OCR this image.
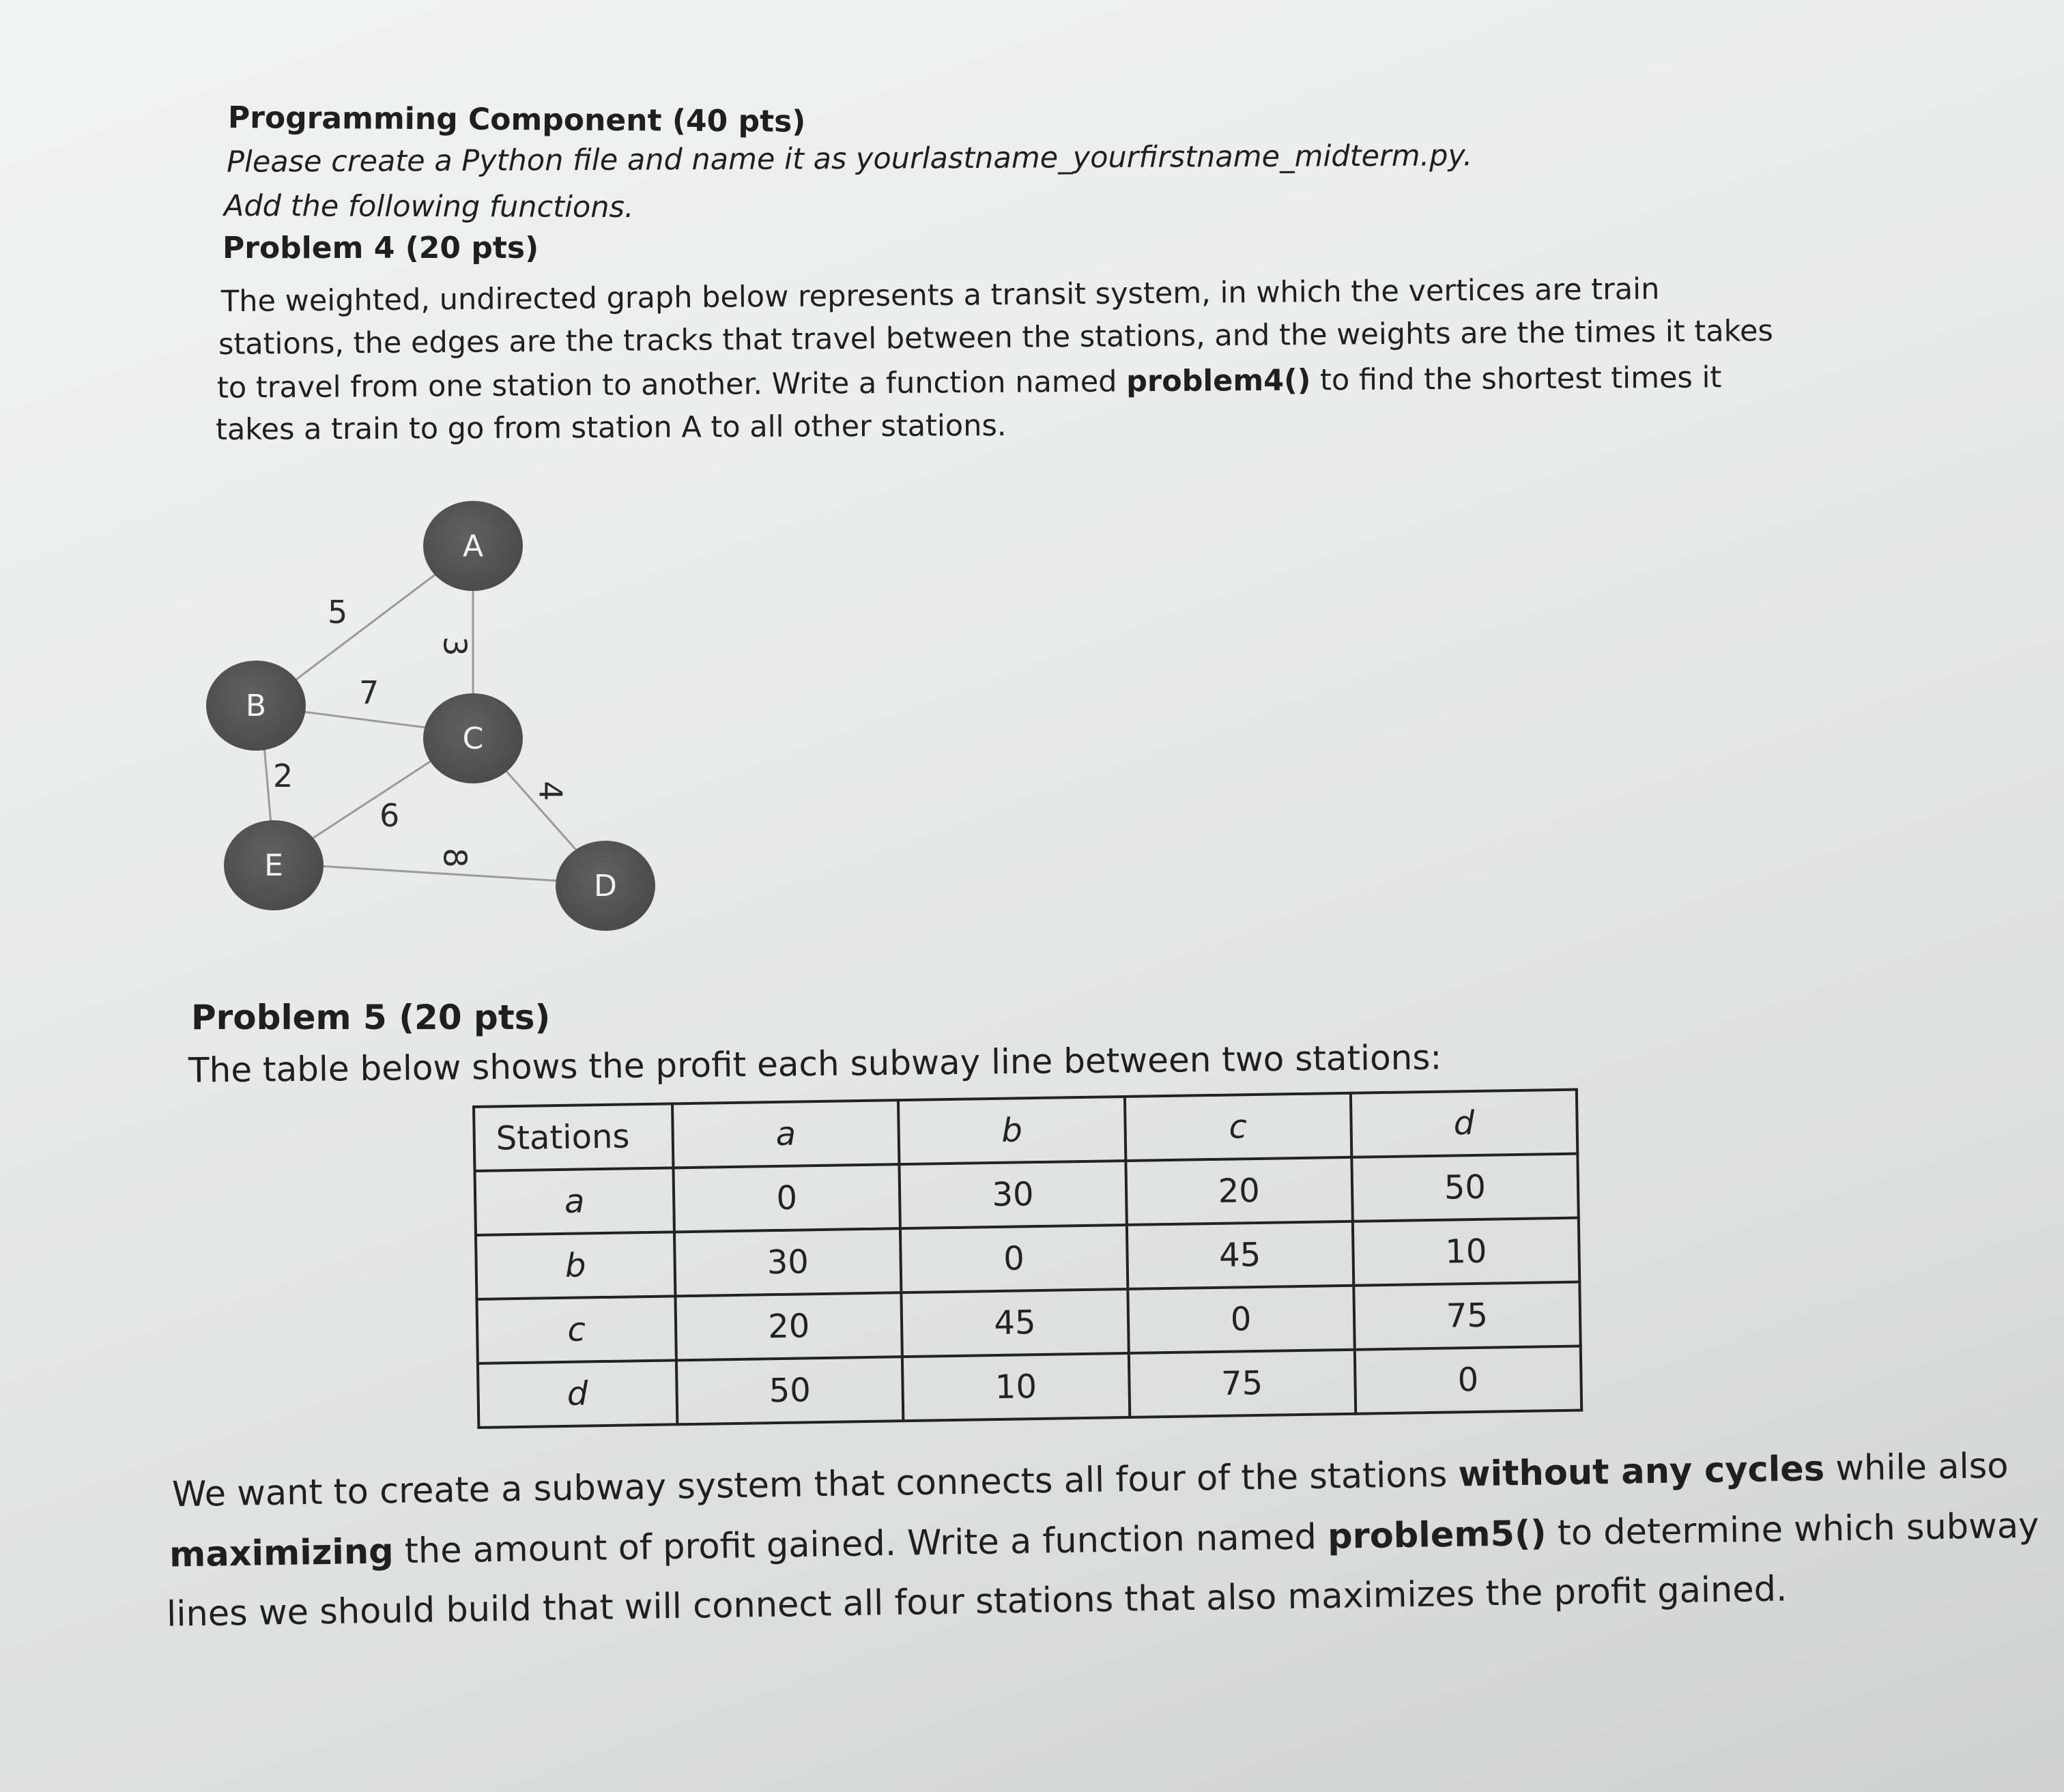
Programming Component (40 pts)

Please create a Python file and name it as yourlastname_yourfirstname_midterm.py.

Add the following functions.

Problem 4 (20 pts)

The weighted, undirected graph below represents a transit system, in which the vertices are train

stations, the edges are the tracks that travel between the stations, and the weights are the times it takes

to travel from one station to another. Write a function named problem4() to find the shortest times it

takes a train to go from station A to all other stations.

A
B
C
D
E
5
3
7
2
6
4
8

Problem 5 (20 pts)

The table below shows the profit each subway line between two stations:

Stations	a	b	c	d
a	0	30	20	50
b	30	0	45	10
c	20	45	0	75
d	50	10	75	0

We want to create a subway system that connects all four of the stations without any cycles while also

maximizing the amount of profit gained. Write a function named problem5() to determine which subway

lines we should build that will connect all four stations that also maximizes the profit gained.
